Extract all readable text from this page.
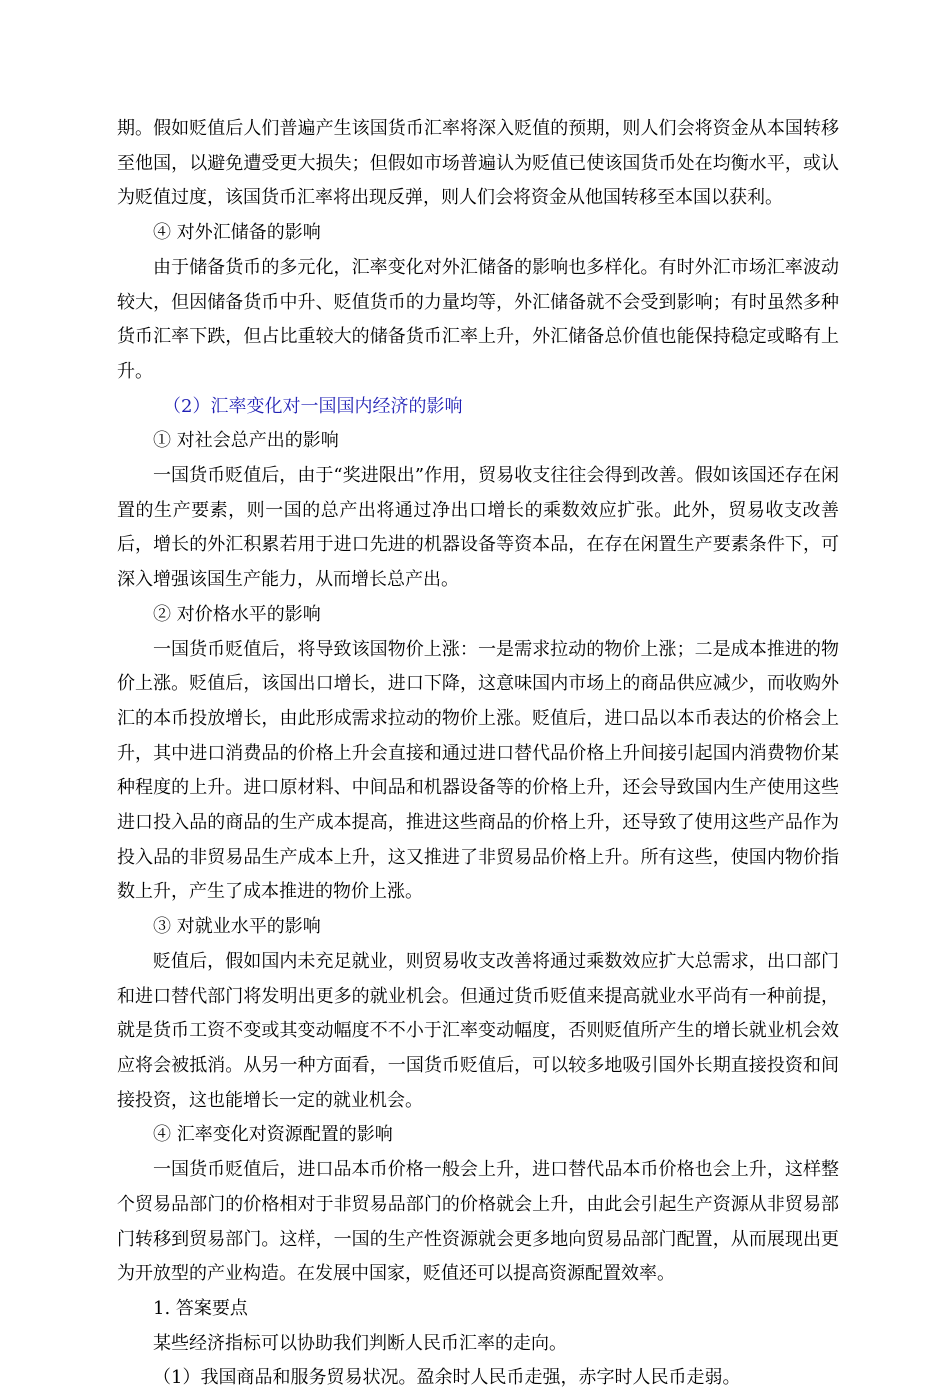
期。假如贬值后人们普遍产生该国货币汇率将深入贬值的预期，则人们会将资金从本国转移至他国，以避免遭受更大损失；但假如市场普遍认为贬值已使该国货币处在均衡水平，或认为贬值过度，该国货币汇率将出现反弹，则人们会将资金从他国转移至本国以获利。

④ 对外汇储备的影响

由于储备货币的多元化，汇率变化对外汇储备的影响也多样化。有时外汇市场汇率波动较大，但因储备货币中升、贬值货币的力量均等，外汇储备就不会受到影响；有时虽然多种货币汇率下跌，但占比重较大的储备货币汇率上升，外汇储备总价值也能保持稳定或略有上升。

（2）汇率变化对一国国内经济的影响

① 对社会总产出的影响

一国货币贬值后，由于“奖进限出”作用，贸易收支往往会得到改善。假如该国还存在闲置的生产要素，则一国的总产出将通过净出口增长的乘数效应扩张。此外，贸易收支改善后，增长的外汇积累若用于进口先进的机器设备等资本品，在存在闲置生产要素条件下，可深入增强该国生产能力，从而增长总产出。

② 对价格水平的影响

一国货币贬值后，将导致该国物价上涨：一是需求拉动的物价上涨；二是成本推进的物价上涨。贬值后，该国出口增长，进口下降，这意味国内市场上的商品供应减少，而收购外汇的本币投放增长，由此形成需求拉动的物价上涨。贬值后，进口品以本币表达的价格会上升，其中进口消费品的价格上升会直接和通过进口替代品价格上升间接引起国内消费物价某种程度的上升。进口原材料、中间品和机器设备等的价格上升，还会导致国内生产使用这些进口投入品的商品的生产成本提高，推进这些商品的价格上升，还导致了使用这些产品作为投入品的非贸易品生产成本上升，这又推进了非贸易品价格上升。所有这些，使国内物价指数上升，产生了成本推进的物价上涨。

③ 对就业水平的影响

贬值后，假如国内未充足就业，则贸易收支改善将通过乘数效应扩大总需求，出口部门和进口替代部门将发明出更多的就业机会。但通过货币贬值来提高就业水平尚有一种前提，就是货币工资不变或其变动幅度不不小于汇率变动幅度，否则贬值所产生的增长就业机会效应将会被抵消。从另一种方面看，一国货币贬值后，可以较多地吸引国外长期直接投资和间接投资，这也能增长一定的就业机会。

④ 汇率变化对资源配置的影响

一国货币贬值后，进口品本币价格一般会上升，进口替代品本币价格也会上升，这样整个贸易品部门的价格相对于非贸易品部门的价格就会上升，由此会引起生产资源从非贸易部门转移到贸易部门。这样，一国的生产性资源就会更多地向贸易品部门配置，从而展现出更为开放型的产业构造。在发展中国家，贬值还可以提高资源配置效率。

1. 答案要点

某些经济指标可以协助我们判断人民币汇率的走向。

（1）我国商品和服务贸易状况。盈余时人民币走强，赤字时人民币走弱。
